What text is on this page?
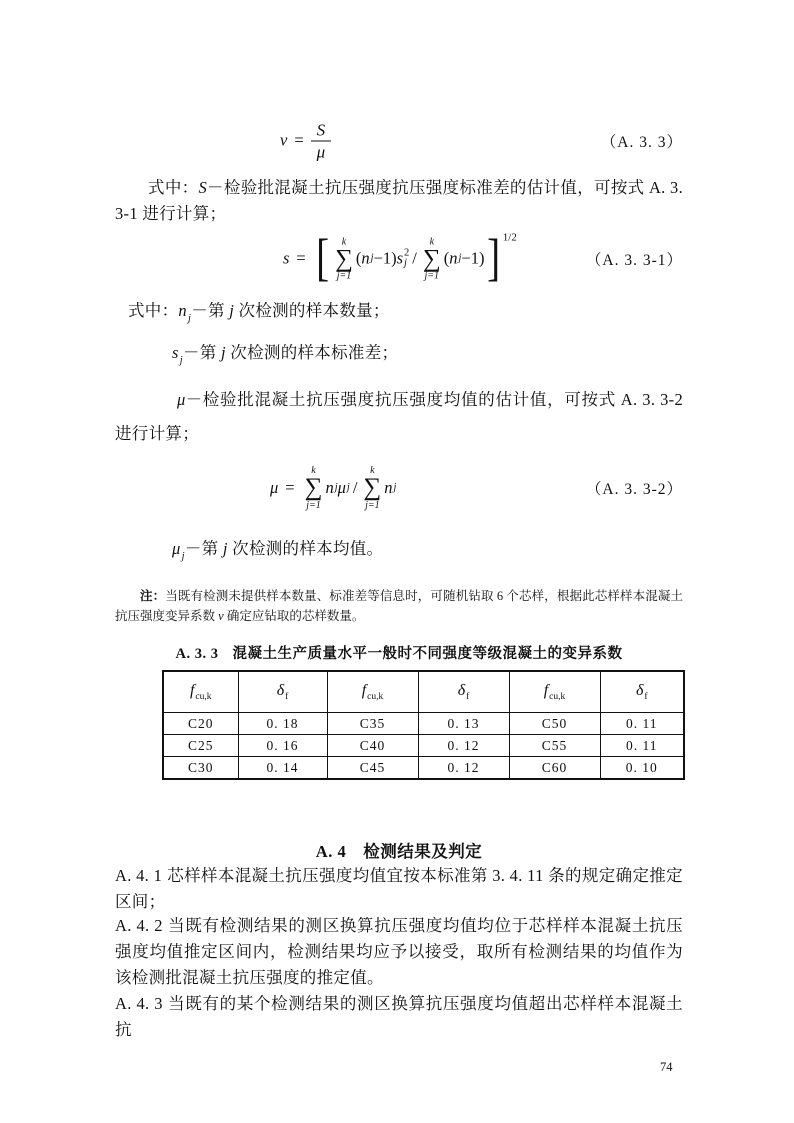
$v = \frac{S}{\mu}$	（A. 3. 3）

式中：S－检验批混凝土抗压强度抗压强度标准差的估计值，可按式 A. 3. 3-1 进行计算；

s = [ k
∑
j=1
( n j −1) s 2
j /
k
∑
j=1
( n j −1) ] 1/2
（A. 3. 3-1）

式中：$n_j-$第 j 次检测的样本数量；

$s_j-$第 j 次检测的样本标准差；

μ－检验批混凝土抗压强度抗压强度均值的估计值，可按式 A. 3. 3-2 进行计算；

μ =
k
∑
j=1
n j μ j /
k
∑
j=1
n j	（A. 3. 3-2）

$\mu_j-$第 j 次检测的样本均值。

注：当既有检测未提供样本数量、标准差等信息时，可随机钻取 6 个芯样，根据此芯样样本混凝土抗压强度变异系数 v 确定应钻取的芯样数量。

A. 3. 3 混凝土生产质量水平一般时不同强度等级混凝土的变异系数
$f_{cu,k}$	$\delta_f$	$f_{cu,k}$	$\delta_f$	$f_{cu,k}$	$\delta_f$
C20	0. 18	C35	0. 13	C50	0. 11
C25	0. 16	C40	0. 12	C55	0. 11
C30	0. 14	C45	0. 12	C60	0. 10
A. 4　检测结果及判定

A. 4. 1 芯样样本混凝土抗压强度均值宜按本标准第 3. 4. 11 条的规定确定推定区间；

A. 4. 2 当既有检测结果的测区换算抗压强度均值均位于芯样样本混凝土抗压强度均值推定区间内，检测结果均应予以接受，取所有检测结果的均值作为该检测批混凝土抗压强度的推定值。

A. 4. 3 当既有的某个检测结果的测区换算抗压强度均值超出芯样样本混凝土抗

74
